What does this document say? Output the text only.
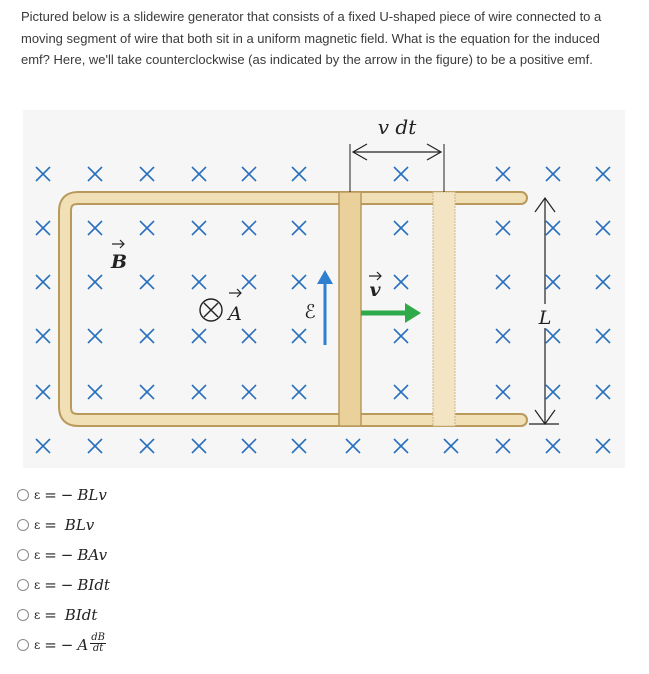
Pictured below is a slidewire generator that consists of a fixed U-shaped piece of wire connected to a moving segment of wire that both sit in a uniform magnetic field. What is the equation for the induced emf? Here, we'll take counterclockwise (as indicated by the arrow in the figure) to be a positive emf.
v dt
L
B
A	ℰ
v
ε = − BLv
ε = BLv
ε = − BAv
ε = − BIdt
ε = BIdt
ε = − A $\frac{dB}{dt}$
